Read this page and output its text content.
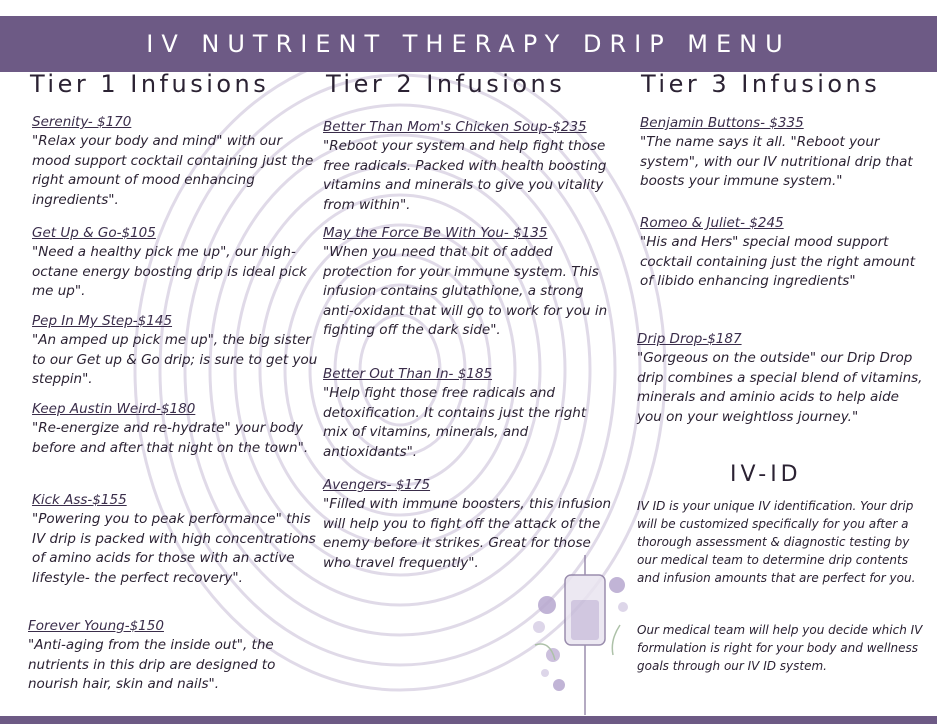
IV NUTRIENT THERAPY DRIP MENU
Tier 1 Infusions Tier 2 Infusions	Tier 3 Infusions
Serenity- $170
"Relax your body and mind" with our mood support cocktail containing just the right amount of mood enhancing ingredients".
Get Up & Go-$105
"Need a healthy pick me up", our high-octane energy boosting drip is ideal pick me up".
Pep In My Step-$145
"An amped up pick me up", the big sister to our Get up & Go drip; is sure to get you steppin".
Keep Austin Weird-$180
"Re-energize and re-hydrate" your body before and after that night on the town".
Kick Ass-$155
"Powering you to peak performance" this IV drip is packed with high concentrations of amino acids for those with an active lifestyle- the perfect recovery".
Forever Young-$150
"Anti-aging from the inside out", the nutrients in this drip are designed to nourish hair, skin and nails".
Better Than Mom's Chicken Soup-$235
"Reboot your system and help fight those free radicals. Packed with health boosting vitamins and minerals to give you vitality from within".
May the Force Be With You- $135
"When you need that bit of added protection for your immune system. This infusion contains glutathione, a strong anti-oxidant that will go to work for you in fighting off the dark side".
Better Out Than In- $185
"Help fight those free radicals and detoxification. It contains just the right mix of vitamins, minerals, and antioxidants".
Avengers- $175
"Filled with immune boosters, this infusion will help you to fight off the attack of the enemy before it strikes. Great for those who travel frequently".
Benjamin Buttons- $335
"The name says it all. "Reboot your system", with our IV nutritional drip that boosts your immune system."
Romeo & Juliet- $245
"His and Hers" special mood support cocktail containing just the right amount of libido enhancing ingredients"
Drip Drop-$187
"Gorgeous on the outside" our Drip Drop drip combines a special blend of vitamins, minerals and aminio acids to help aide you on your weightloss journey."
IV-ID
IV ID is your unique IV identification. Your drip will be customized specifically for you after a thorough assessment & diagnostic testing by our medical team to determine drip contents and infusion amounts that are perfect for you.
Our medical team will help you decide which IV formulation is right for your body and wellness goals through our IV ID system.
